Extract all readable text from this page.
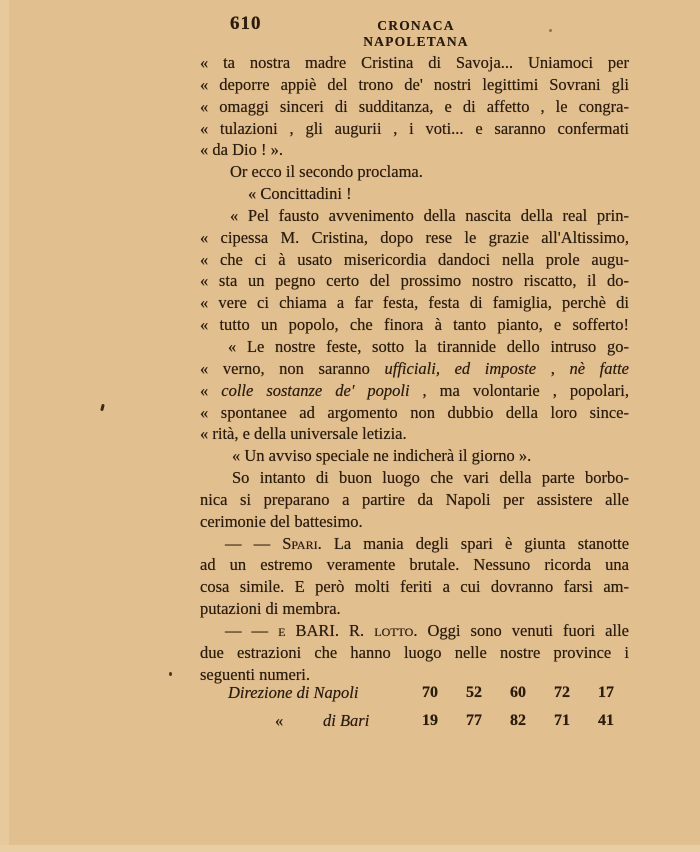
610	CRONACA NAPOLETANA
« ta nostra madre Cristina di Savoja... Uniamoci per
« deporre appiè del trono de' nostri legittimi Sovrani gli
« omaggi sinceri di sudditanza, e di affetto , le congra-
« tulazioni , gli augurii , i voti... e saranno confermati
« da Dio ! ».
Or ecco il secondo proclama.
« Concittadini !
« Pel fausto avvenimento della nascita della real prin-
« cipessa M. Cristina, dopo rese le grazie all'Altissimo,
« che ci à usato misericordia dandoci nella prole augu-
« sta un pegno certo del prossimo nostro riscatto, il do-
« vere ci chiama a far festa, festa di famiglia, perchè di
« tutto un popolo, che finora à tanto pianto, e sofferto!
« Le nostre feste, sotto la tirannide dello intruso go-
« verno, non saranno ufficiali, ed imposte , nè fatte
« colle sostanze de' popoli , ma volontarie , popolari,
« spontanee ad argomento non dubbio della loro since-
« rità, e della universale letizia.
« Un avviso speciale ne indicherà il giorno ».
So intanto di buon luogo che vari della parte borbo-
nica si preparano a partire da Napoli per assistere alle
cerimonie del battesimo.
— — Spari. La mania degli spari è giunta stanotte
ad un estremo veramente brutale. Nessuno ricorda una
cosa simile. E però molti feriti a cui dovranno farsi am-
putazioni di membra.
— — e BARI. R. lotto. Oggi sono venuti fuori alle
due estrazioni che hanno luogo nelle nostre province i
seguenti numeri.
Direzione di Napoli	70	52	60	72	17
« di Bari	19	77	82	71	41
